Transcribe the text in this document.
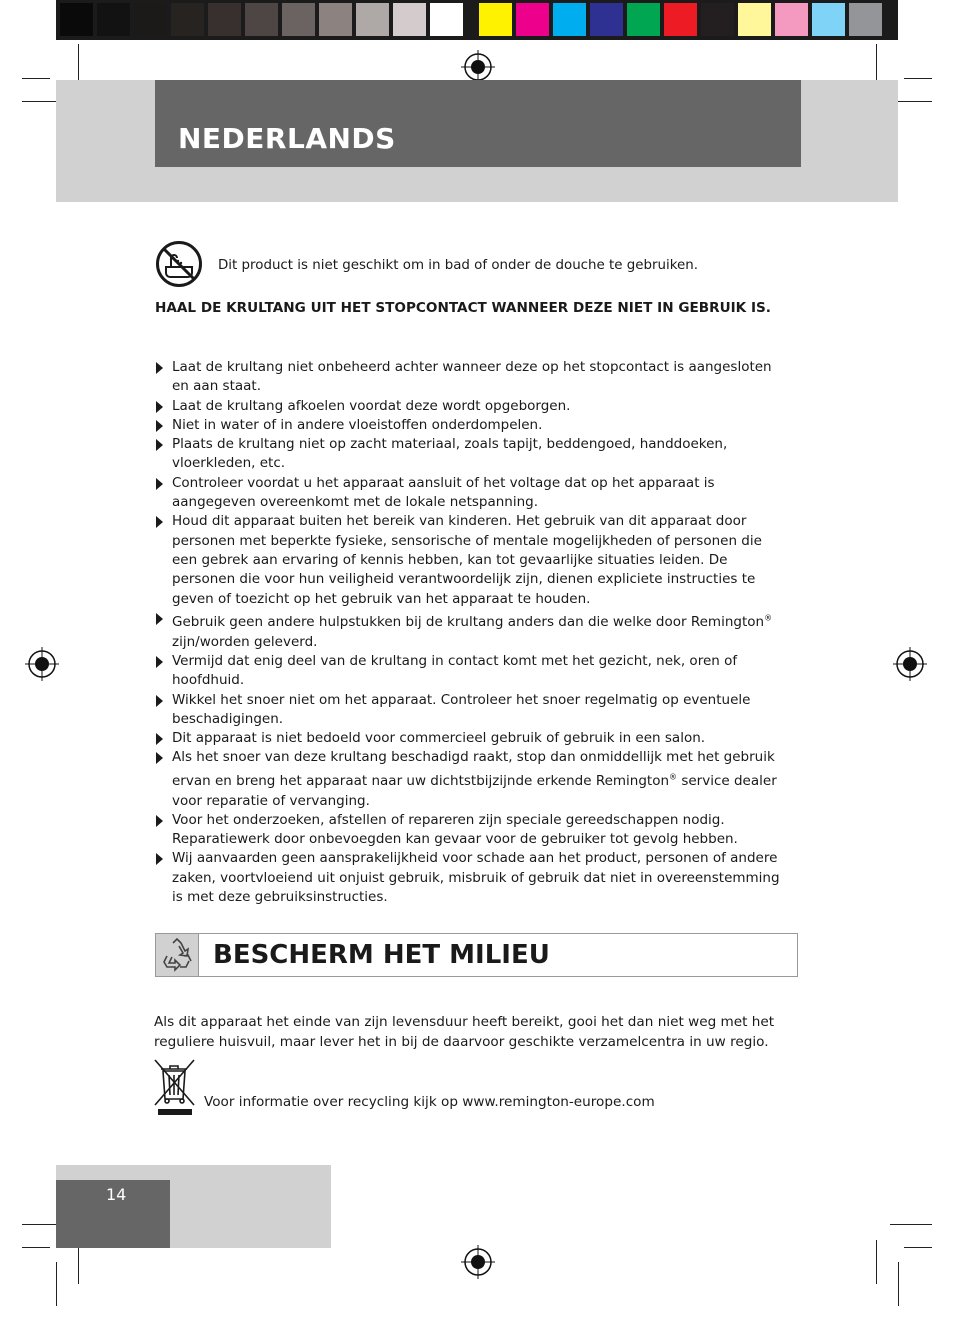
NEDERLANDS
Dit product is niet geschikt om in bad of onder de douche te gebruiken.
HAAL DE KRULTANG UIT HET STOPCONTACT WANNEER DEZE NIET IN GEBRUIK IS.
Laat de krultang niet onbeheerd achter wanneer deze op het stopcontact is aangesloten en aan staat.
Laat de krultang afkoelen voordat deze wordt opgeborgen.
Niet in water of in andere vloeistoffen onderdompelen.
Plaats de krultang niet op zacht materiaal, zoals tapijt, beddengoed, handdoeken, vloerkleden, etc.
Controleer voordat u het apparaat aansluit of het voltage dat op het apparaat is aangegeven overeenkomt met de lokale netspanning.
Houd dit apparaat buiten het bereik van kinderen. Het gebruik van dit apparaat door personen met beperkte fysieke, sensorische of mentale mogelijkheden of personen die een gebrek aan ervaring of kennis hebben, kan tot gevaarlijke situaties leiden. De personen die voor hun veiligheid verantwoordelijk zijn, dienen expliciete instructies te geven of toezicht op het gebruik van het apparaat te houden.
Gebruik geen andere hulpstukken bij de krultang anders dan die welke door Remington® zijn/worden geleverd.
Vermijd dat enig deel van de krultang in contact komt met het gezicht, nek, oren of hoofdhuid.
Wikkel het snoer niet om het apparaat. Controleer het snoer regelmatig op eventuele beschadigingen.
Dit apparaat is niet bedoeld voor commercieel gebruik of gebruik in een salon.
Als het snoer van deze krultang beschadigd raakt, stop dan onmiddellijk met het gebruik ervan en breng het apparaat naar uw dichtstbijzijnde erkende Remington® service dealer voor reparatie of vervanging.
Voor het onderzoeken, afstellen of repareren zijn speciale gereedschappen nodig. Reparatiewerk door onbevoegden kan gevaar voor de gebruiker tot gevolg hebben.
Wij aanvaarden geen aansprakelijkheid voor schade aan het product, personen of andere zaken, voortvloeiend uit onjuist gebruik, misbruik of gebruik dat niet in overeenstemming is met deze gebruiksinstructies.
BESCHERM HET MILIEU
Als dit apparaat het einde van zijn levensduur heeft bereikt, gooi het dan niet weg met het reguliere huisvuil, maar lever het in bij de daarvoor geschikte verzamelcentra in uw regio.
Voor informatie over recycling kijk op www.remington-europe.com
14
